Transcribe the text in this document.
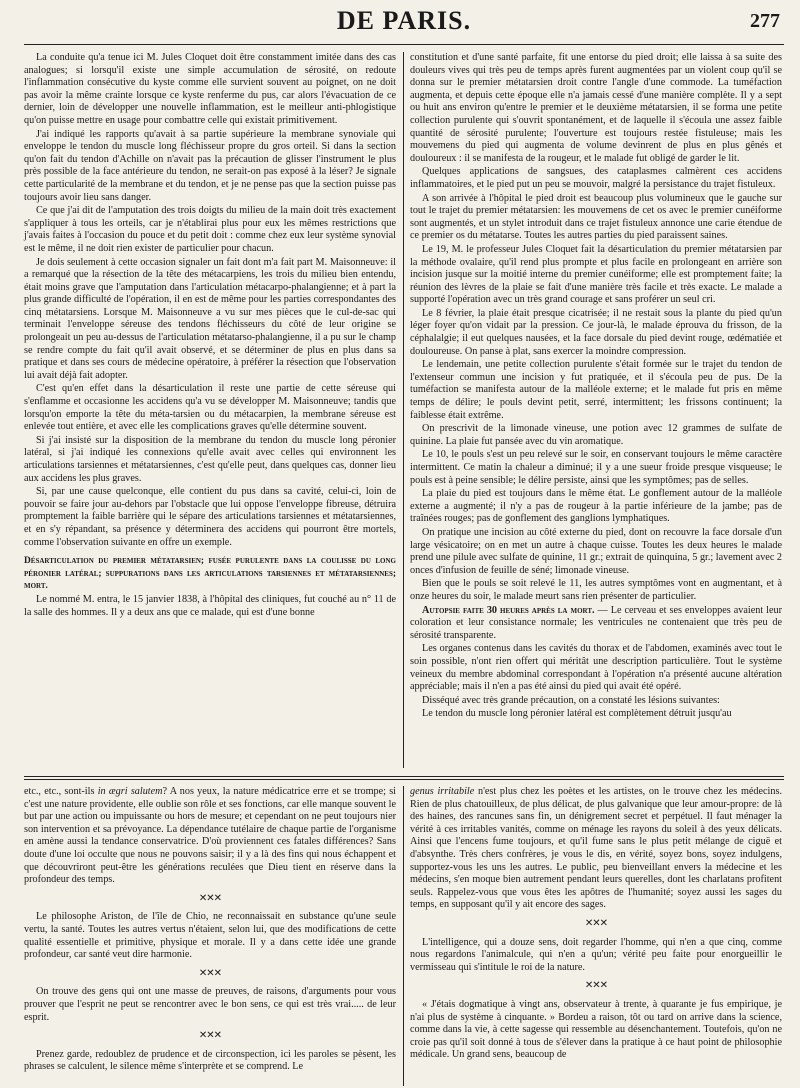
DE PARIS.	277

La conduite qu'a tenue ici M. Jules Cloquet doit être constamment imitée dans des cas analogues; si lorsqu'il existe une simple accumulation de sérosité, on redoute l'inflammation consécutive du kyste comme elle survient souvent au poignet, on ne doit pas avoir la même crainte lorsque ce kyste renferme du pus, car alors l'évacuation de ce dernier, loin de développer une nouvelle inflammation, est le meilleur anti-phlogistique qu'on puisse mettre en usage pour combattre celle qui existait primitivement.

J'ai indiqué les rapports qu'avait à sa partie supérieure la membrane synoviale qui enveloppe le tendon du muscle long fléchisseur propre du gros orteil. Si dans la section qu'on fait du tendon d'Achille on n'avait pas la précaution de glisser l'instrument le plus près possible de la face antérieure du tendon, ne serait-on pas exposé à la léser? Je signale cette particularité de la membrane et du tendon, et je ne pense pas que la section puisse pas toujours avoir lieu sans danger.

Ce que j'ai dit de l'amputation des trois doigts du milieu de la main doit très exactement s'appliquer à tous les orteils, car je n'établirai plus pour eux les mêmes restrictions que j'avais faites à l'occasion du pouce et du petit doit : comme chez eux leur système synovial est le même, il ne doit rien exister de particulier pour chacun.

Je dois seulement à cette occasion signaler un fait dont m'a fait part M. Maisonneuve: il a remarqué que la résection de la tête des métacarpiens, les trois du milieu bien entendu, était moins grave que l'amputation dans l'articulation métacarpo-phalangienne; et à part la plus grande difficulté de l'opération, il en est de même pour les parties correspondantes des cinq métatarsiens. Lorsque M. Maisonneuve a vu sur mes pièces que le cul-de-sac qui terminait l'enveloppe séreuse des tendons fléchisseurs du côté de leur origine se prolongeait un peu au-dessus de l'articulation métatarso-phalangienne, il a pu sur le champ se rendre compte du fait qu'il avait observé, et se déterminer de plus en plus dans sa pratique et dans ses cours de médecine opératoire, à préférer la résection que l'observation lui avait déjà fait adopter.

C'est qu'en effet dans la désarticulation il reste une partie de cette séreuse qui s'enflamme et occasionne les accidens qu'a vu se développer M. Maisonneuve; tandis que lorsqu'on emporte la tête du méta-tarsien ou du métacarpien, la membrane séreuse est enlevée tout entière, et avec elle les complications graves qu'elle détermine souvent.

Si j'ai insisté sur la disposition de la membrane du tendon du muscle long péronier latéral, si j'ai indiqué les connexions qu'elle avait avec celles qui environnent les articulations tarsiennes et métatarsiennes, c'est qu'elle peut, dans quelques cas, donner lieu aux accidens les plus graves.

Si, par une cause quelconque, elle contient du pus dans sa cavité, celui-ci, loin de pouvoir se faire jour au-dehors par l'obstacle que lui oppose l'enveloppe fibreuse, détruira promptement la faible barrière qui le sépare des articulations tarsiennes et métatarsiennes, et en s'y répandant, sa présence y déterminera des accidens qui pourront être mortels, comme l'observation suivante en offre un exemple.

Désarticulation du premier métatarsien; fusée purulente dans la coulisse du long péronier latéral; suppurations dans les articulations tarsiennes et métatarsiennes; mort.

Le nommé M. entra, le 15 janvier 1838, à l'hôpital des cliniques, fut couché au n° 11 de la salle des hommes. Il y a deux ans que ce malade, qui est d'une bonne

constitution et d'une santé parfaite, fit une entorse du pied droit; elle laissa à sa suite des douleurs vives qui très peu de temps après furent augmentées par un violent coup qu'il se donna sur le premier métatarsien droit contre l'angle d'une commode. La tuméfaction augmenta, et depuis cette époque elle n'a jamais cessé d'une manière complète. Il y a sept ou huit ans environ qu'entre le premier et le deuxième métatarsien, il se forma une petite collection purulente qui s'ouvrit spontanément, et de laquelle il s'écoula une assez faible quantité de sérosité purulente; l'ouverture est toujours restée fistuleuse; mais les mouvemens du pied qui augmenta de volume devinrent de plus en plus gênés et douloureux : il se manifesta de la rougeur, et le malade fut obligé de garder le lit.

Quelques applications de sangsues, des cataplasmes calmèrent ces accidens inflammatoires, et le pied put un peu se mouvoir, malgré la persistance du trajet fistuleux.

A son arrivée à l'hôpital le pied droit est beaucoup plus volumineux que le gauche sur tout le trajet du premier métatarsien: les mouvemens de cet os avec le premier cunéiforme sont augmentés, et un stylet introduit dans ce trajet fistuleux annonce une carie étendue de ce premier os du métatarse. Toutes les autres parties du pied paraissent saines.

Le 19, M. le professeur Jules Cloquet fait la désarticulation du premier métatarsien par la méthode ovalaire, qu'il rend plus prompte et plus facile en prolongeant en arrière son incision jusque sur la moitié interne du premier cunéiforme; elle est promptement faite; la réunion des lèvres de la plaie se fait d'une manière très facile et très exacte. Le malade a supporté l'opération avec un très grand courage et sans proférer un seul cri.

Le 8 février, la plaie était presque cicatrisée; il ne restait sous la plante du pied qu'un léger foyer qu'on vidait par la pression. Ce jour-là, le malade éprouva du frisson, de la céphalalgie; il eut quelques nausées, et la face dorsale du pied devint rouge, œdématiée et douloureuse. On panse à plat, sans exercer la moindre compression.

Le lendemain, une petite collection purulente s'était formée sur le trajet du tendon de l'extenseur commun une incision y fut pratiquée, et il s'écoula peu de pus. De la tuméfaction se manifesta autour de la malléole externe; et le malade fut pris en même temps de délire; le pouls devint petit, serré, intermittent; les frissons continuent; la faiblesse était extrême.

On prescrivit de la limonade vineuse, une potion avec 12 grammes de sulfate de quinine. La plaie fut pansée avec du vin aromatique.

Le 10, le pouls s'est un peu relevé sur le soir, en conservant toujours le même caractère intermittent. Ce matin la chaleur a diminué; il y a une sueur froide presque visqueuse; le pouls est à peine sensible; le délire persiste, ainsi que les symptômes; pas de selles.

La plaie du pied est toujours dans le même état. Le gonflement autour de la malléole externe a augmenté; il n'y a pas de rougeur à la partie inférieure de la jambe; pas de traînées rouges; pas de gonflement des ganglions lymphatiques.

On pratique une incision au côté externe du pied, dont on recouvre la face dorsale d'un large vésicatoire; on en met un autre à chaque cuisse. Toutes les deux heures le malade prend une pilule avec sulfate de quinine, 11 gr.; extrait de quinquina, 5 gr.; lavement avec 2 onces d'infusion de feuille de séné; limonade vineuse.

Bien que le pouls se soit relevé le 11, les autres symptômes vont en augmentant, et à onze heures du soir, le malade meurt sans rien présenter de particulier.

Autopsie faite 30 heures après la mort. — Le cerveau et ses enveloppes avaient leur coloration et leur consistance normale; les ventricules ne contenaient que très peu de sérosité transparente.

Les organes contenus dans les cavités du thorax et de l'abdomen, examinés avec tout le soin possible, n'ont rien offert qui méritât une description particulière. Tout le système veineux du membre abdominal correspondant à l'opération n'a présenté aucune altération appréciable; mais il n'en a pas été ainsi du pied qui avait été opéré.

Disséqué avec très grande précaution, on a constaté les lésions suivantes:

Le tendon du muscle long péronier latéral est complètement détruit jusqu'au

etc., etc., sont-ils in ægri salutem? A nos yeux, la nature médicatrice erre et se trompe; si c'est une nature providente, elle oublie son rôle et ses fonctions, car elle manque souvent le but par une action ou impuissante ou hors de mesure; et cependant on ne peut toujours nier son intervention et sa prévoyance. La dépendance tutélaire de chaque partie de l'organisme en amène aussi la tendance conservatrice. D'où proviennent ces fatales différences? Sans doute d'une loi occulte que nous ne pouvons saisir; il y a là des fins qui nous échappent et que découvriront peut-être les générations reculées que Dieu tient en réserve dans la profondeur des temps.

✕✕✕

Le philosophe Ariston, de l'île de Chio, ne reconnaissait en substance qu'une seule vertu, la santé. Toutes les autres vertus n'étaient, selon lui, que des modifications de cette qualité essentielle et primitive, physique et morale. Il y a dans cette idée une grande profondeur, car santé veut dire harmonie.

✕✕✕

On trouve des gens qui ont une masse de preuves, de raisons, d'arguments pour vous prouver que l'esprit ne peut se rencontrer avec le bon sens, ce qui est très vrai..... de leur esprit.

✕✕✕

Prenez garde, redoublez de prudence et de circonspection, ici les paroles se pèsent, les phrases se calculent, le silence même s'interprète et se comprend. Le

genus irritabile n'est plus chez les poètes et les artistes, on le trouve chez les médecins. Rien de plus chatouilleux, de plus délicat, de plus galvanique que leur amour-propre: de là des haines, des rancunes sans fin, un dénigrement secret et perpétuel. Il faut ménager la vérité à ces irritables vanités, comme on ménage les rayons du soleil à des yeux délicats. Ainsi que l'encens fume toujours, et qu'il fume sans le plus petit mélange de ciguë et d'absynthe. Très chers confrères, je vous le dis, en vérité, soyez bons, soyez indulgens, supportez-vous les uns les autres. Le public, peu bienveillant envers la médecine et les médecins, s'en moque bien autrement pendant leurs querelles, dont les charlatans profitent seuls. Rappelez-vous que vous êtes les apôtres de l'humanité; soyez aussi les sages du temps, en supposant qu'il y ait encore des sages.

✕✕✕

L'intelligence, qui a douze sens, doit regarder l'homme, qui n'en a que cinq, comme nous regardons l'animalcule, qui n'en a qu'un; vérité peu faite pour enorgueillir le vermisseau qui s'intitule le roi de la nature.

✕✕✕

« J'étais dogmatique à vingt ans, observateur à trente, à quarante je fus empirique, je n'ai plus de système à cinquante. » Bordeu a raison, tôt ou tard on arrive dans la science, comme dans la vie, à cette sagesse qui ressemble au désenchantement. Toutefois, qu'on ne croie pas qu'il soit donné à tous de s'élever dans la pratique à ce haut point de philosophie médicale. Un grand sens, beaucoup de
